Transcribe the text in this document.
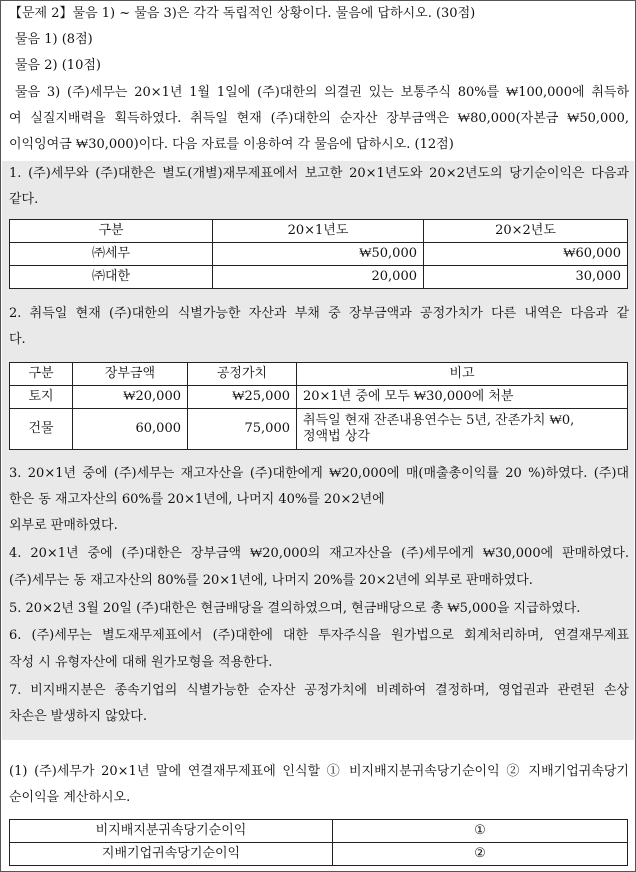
【문제 2】물음 1) ~ 물음 3)은 각각 독립적인 상황이다. 물음에 답하시오. (30점)
물음 1) (8점)
물음 2) (10점)
물음 3) (주)세무는 20×1년 1월 1일에 (주)대한의 의결권 있는 보통주식 80%를 ₩100,000에 취득하
여 실질지배력을 획득하였다. 취득일 현재 (주)대한의 순자산 장부금액은 ₩80,000(자본금 ₩50,000,
이익잉여금 ₩30,000)이다. 다음 자료를 이용하여 각 물음에 답하시오. (12점)
1. (주)세무와 (주)대한은 별도(개별)재무제표에서 보고한 20×1년도와 20×2년도의 당기순이익은 다음과
같다.
구분	20×1년도	20×2년도
㈜세무	₩50,000	₩60,000
㈜대한	20,000	30,000
2. 취득일 현재 (주)대한의 식별가능한 자산과 부채 중 장부금액과 공정가치가 다른 내역은 다음과 같
다.
구분	장부금액	공정가치	비고
토지	₩20,000	₩25,000	20×1년 중에 모두 ₩30,000에 처분
건물	60,000	75,000	취득일 현재 잔존내용연수는 5년, 잔존가치 ₩0,
정액법 상각
3. 20×1년 중에 (주)세무는 재고자산을 (주)대한에게 ₩20,000에 매(매출총이익률 20 %)하였다. (주)대
한은 동 재고자산의 60%를 20×1년에, 나머지 40%를 20×2년에
외부로 판매하였다.
4. 20×1년 중에 (주)대한은 장부금액 ₩20,000의 재고자산을 (주)세무에게 ₩30,000에 판매하였다.
(주)세무는 동 재고자산의 80%를 20×1년에, 나머지 20%를 20×2년에 외부로 판매하였다.
5. 20×2년 3월 20일 (주)대한은 현금배당을 결의하였으며, 현금배당으로 총 ₩5,000을 지급하였다.
6. (주)세무는 별도재무제표에서 (주)대한에 대한 투자주식을 원가법으로 회계처리하며, 연결재무제표
작성 시 유형자산에 대해 원가모형을 적용한다.
7. 비지배지분은 종속기업의 식별가능한 순자산 공정가치에 비례하여 결정하며, 영업권과 관련된 손상
차손은 발생하지 않았다.
(1) (주)세무가 20×1년 말에 연결재무제표에 인식할 ① 비지배지분귀속당기순이익 ② 지배기업귀속당기
순이익을 계산하시오.
비지배지분귀속당기순이익	①
지배기업귀속당기순이익	②
